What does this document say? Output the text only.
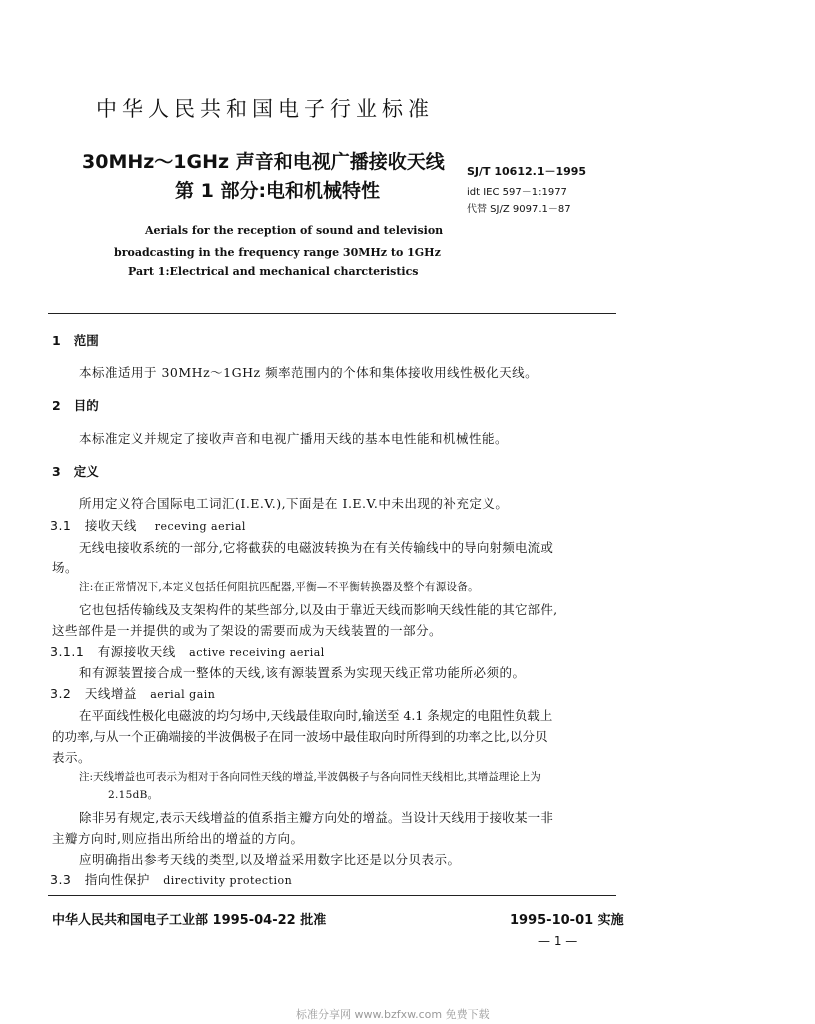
中华人民共和国电子行业标准
30MHz～1GHz 声音和电视广播接收天线
第 1 部分:电和机械特性
SJ/T 10612.1－1995
idt IEC 597－1:1977
代替 SJ/Z 9097.1－87
Aerials for the reception of sound and television
broadcasting in the frequency range 30MHz to 1GHz
Part 1:Electrical and mechanical charcteristics
1 范围
本标准适用于 30MHz～1GHz 频率范围内的个体和集体接收用线性极化天线。
2 目的
本标准定义并规定了接收声音和电视广播用天线的基本电性能和机械性能。
3 定义
所用定义符合国际电工词汇(I.E.V.),下面是在 I.E.V.中未出现的补充定义。
3.1 接收天线 receving aerial
无线电接收系统的一部分,它将截获的电磁波转换为在有关传输线中的导向射频电流或
场。
注:在正常情况下,本定义包括任何阻抗匹配器,平衡—不平衡转换器及整个有源设备。
它也包括传输线及支架构件的某些部分,以及由于靠近天线而影响天线性能的其它部件,
这些部件是一并提供的或为了架设的需要而成为天线装置的一部分。
3.1.1 有源接收天线 active receiving aerial
和有源装置接合成一整体的天线,该有源装置系为实现天线正常功能所必须的。
3.2 天线增益 aerial gain
在平面线性极化电磁波的均匀场中,天线最佳取向时,输送至 4.1 条规定的电阻性负载上
的功率,与从一个正确端接的半波偶极子在同一波场中最佳取向时所得到的功率之比,以分贝
表示。
注:天线增益也可表示为相对于各向同性天线的增益,半波偶极子与各向同性天线相比,其增益理论上为
2.15dB。
除非另有规定,表示天线增益的值系指主瓣方向处的增益。当设计天线用于接收某一非
主瓣方向时,则应指出所给出的增益的方向。
应明确指出参考天线的类型,以及增益采用数字比还是以分贝表示。
3.3 指向性保护 directivity protection
中华人民共和国电子工业部 1995-04-22 批准	1995-10-01 实施
— 1 —
标准分享网 www.bzfxw.com 免费下载
